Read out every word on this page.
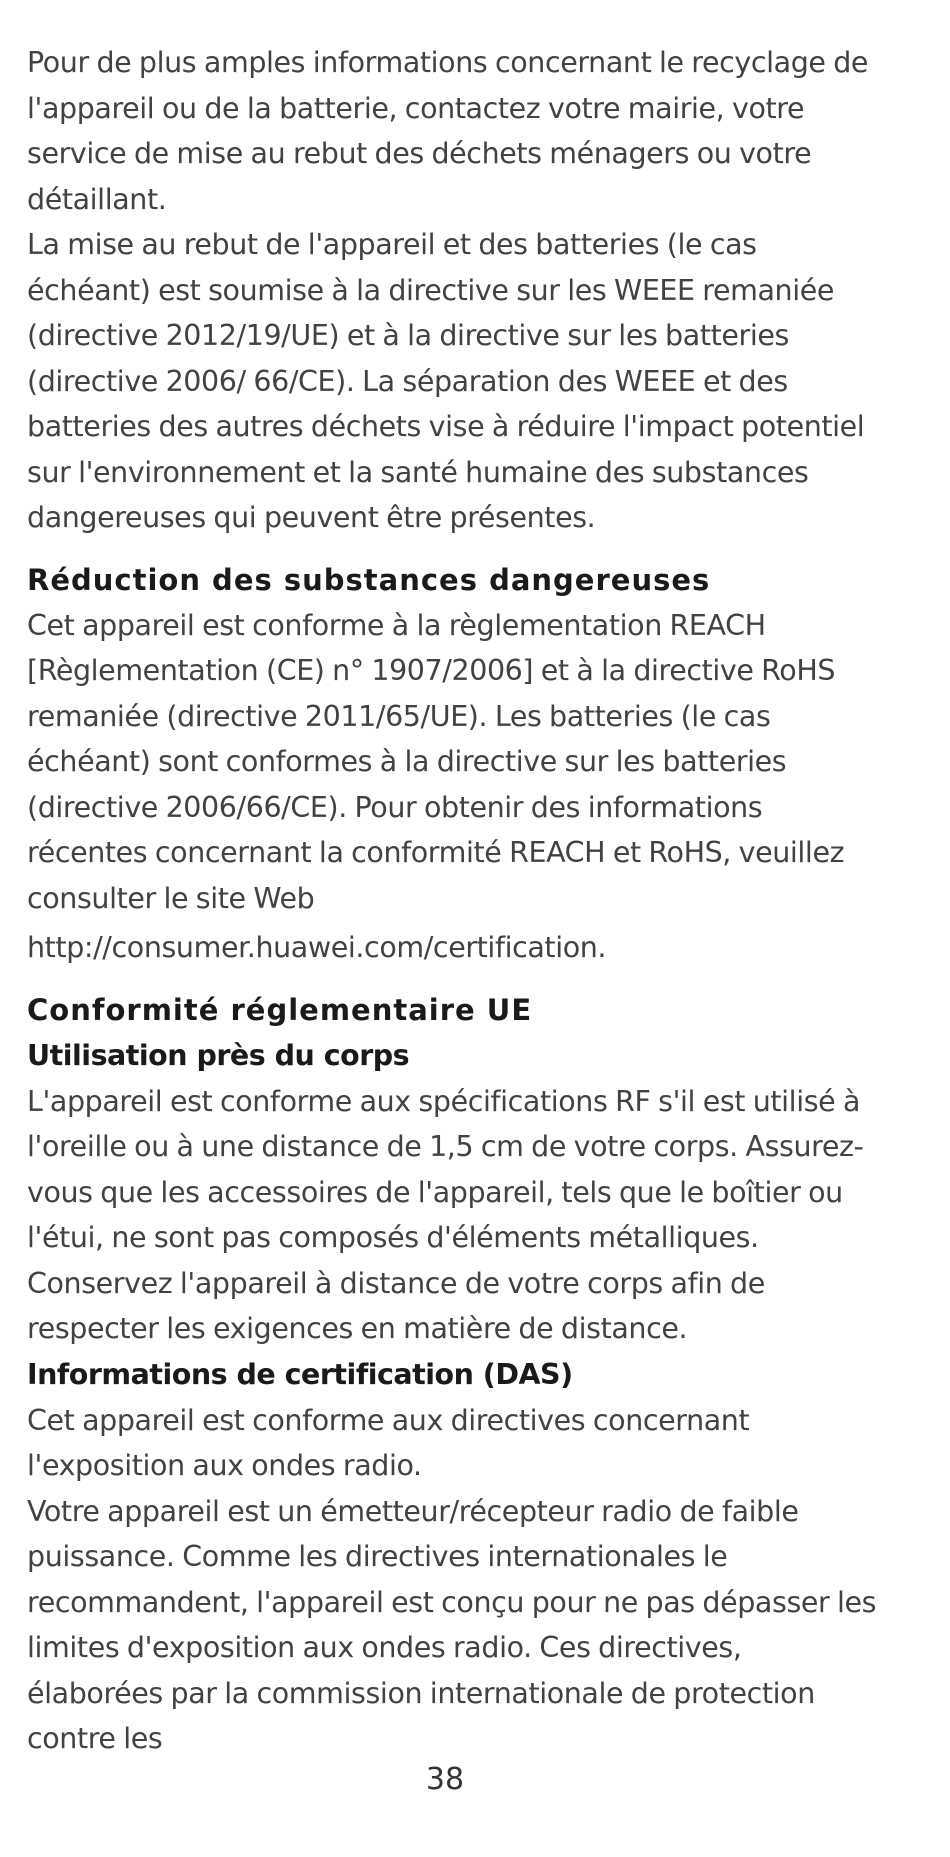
Pour de plus amples informations concernant le recyclage de l'appareil ou de la batterie, contactez votre mairie, votre service de mise au rebut des déchets ménagers ou votre détaillant.

La mise au rebut de l'appareil et des batteries (le cas échéant) est soumise à la directive sur les WEEE remaniée (directive 2012/19/UE) et à la directive sur les batteries (directive 2006/ 66/CE). La séparation des WEEE et des batteries des autres déchets vise à réduire l'impact potentiel sur l'environnement et la santé humaine des substances dangereuses qui peuvent être présentes.

Réduction des substances dangereuses

Cet appareil est conforme à la règlementation REACH [Règlementation (CE) n° 1907/2006] et à la directive RoHS remaniée (directive 2011/65/UE). Les batteries (le cas échéant) sont conformes à la directive sur les batteries (directive 2006/66/CE). Pour obtenir des informations récentes concernant la conformité REACH et RoHS, veuillez consulter le site Web

http://consumer.huawei.com/certification.
Conformité réglementaire UE
Utilisation près du corps

L'appareil est conforme aux spécifications RF s'il est utilisé à l'oreille ou à une distance de 1,5 cm de votre corps. Assurez-vous que les accessoires de l'appareil, tels que le boîtier ou l'étui, ne sont pas composés d'éléments métalliques. Conservez l'appareil à distance de votre corps afin de respecter les exigences en matière de distance.

Informations de certification (DAS)

Cet appareil est conforme aux directives concernant l'exposition aux ondes radio.

Votre appareil est un émetteur/récepteur radio de faible puissance. Comme les directives internationales le recommandent, l'appareil est conçu pour ne pas dépasser les limites d'exposition aux ondes radio. Ces directives, élaborées par la commission internationale de protection contre les

38
